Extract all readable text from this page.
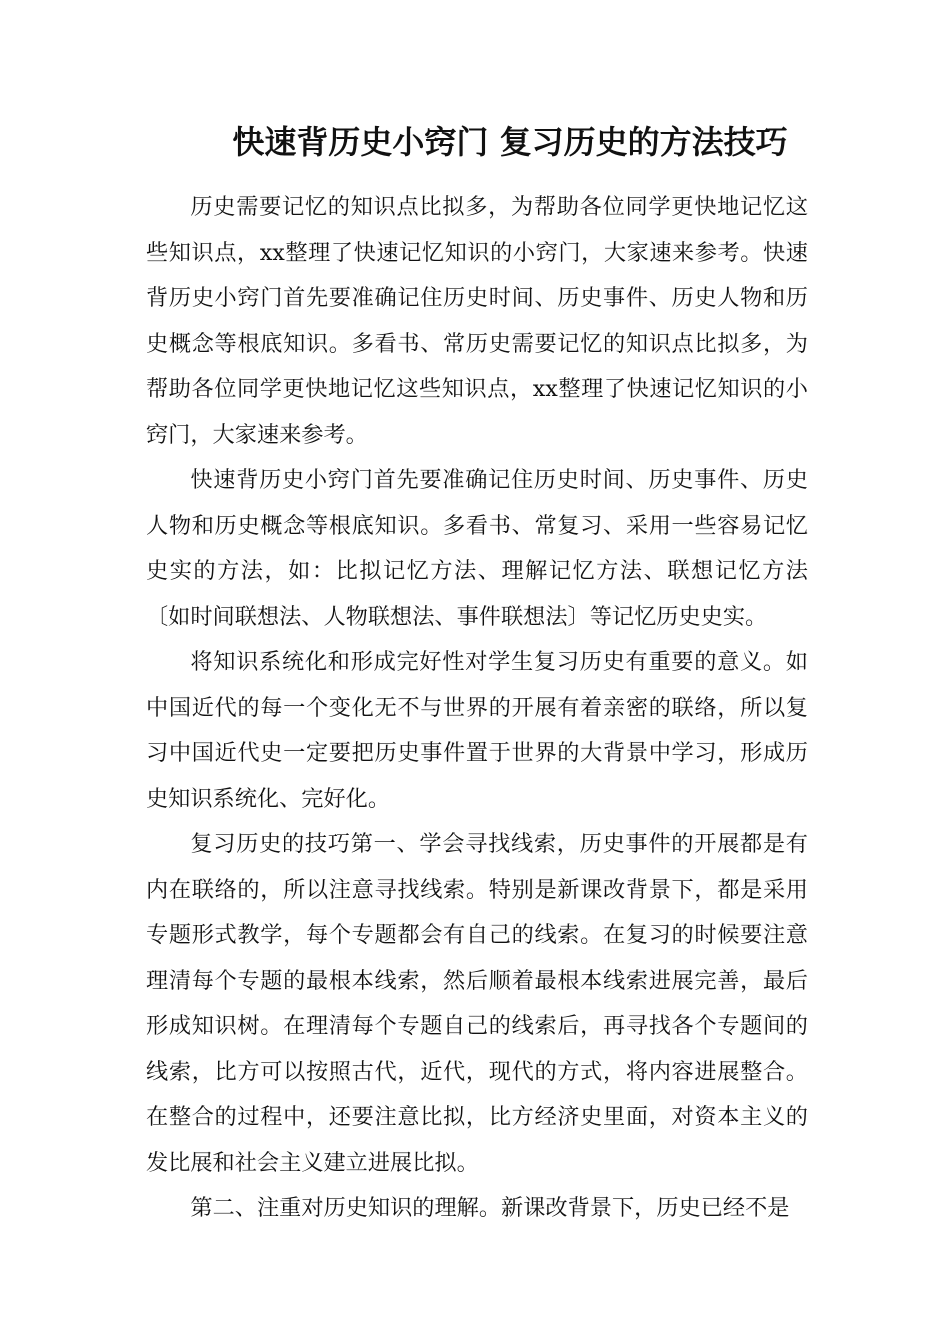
快速背历史小窍门 复习历史的方法技巧

历史需要记忆的知识点比拟多，为帮助各位同学更快地记忆这些知识点，xx整理了快速记忆知识的小窍门，大家速来参考。快速背历史小窍门首先要准确记住历史时间、历史事件、历史人物和历史概念等根底知识。多看书、常历史需要记忆的知识点比拟多，为帮助各位同学更快地记忆这些知识点，xx整理了快速记忆知识的小窍门，大家速来参考。

快速背历史小窍门首先要准确记住历史时间、历史事件、历史人物和历史概念等根底知识。多看书、常复习、采用一些容易记忆史实的方法，如：比拟记忆方法、理解记忆方法、联想记忆方法〔如时间联想法、人物联想法、事件联想法〕等记忆历史史实。

将知识系统化和形成完好性对学生复习历史有重要的意义。如中国近代的每一个变化无不与世界的开展有着亲密的联络，所以复习中国近代史一定要把历史事件置于世界的大背景中学习，形成历史知识系统化、完好化。

复习历史的技巧第一、学会寻找线索，历史事件的开展都是有内在联络的，所以注意寻找线索。特别是新课改背景下，都是采用专题形式教学，每个专题都会有自己的线索。在复习的时候要注意理清每个专题的最根本线索，然后顺着最根本线索进展完善，最后形成知识树。在理清每个专题自己的线索后，再寻找各个专题间的线索，比方可以按照古代，近代，现代的方式，将内容进展整合。在整合的过程中，还要注意比拟，比方经济史里面，对资本主义的发比展和社会主义建立进展比拟。

第二、注重对历史知识的理解。新课改背景下，历史已经不是
